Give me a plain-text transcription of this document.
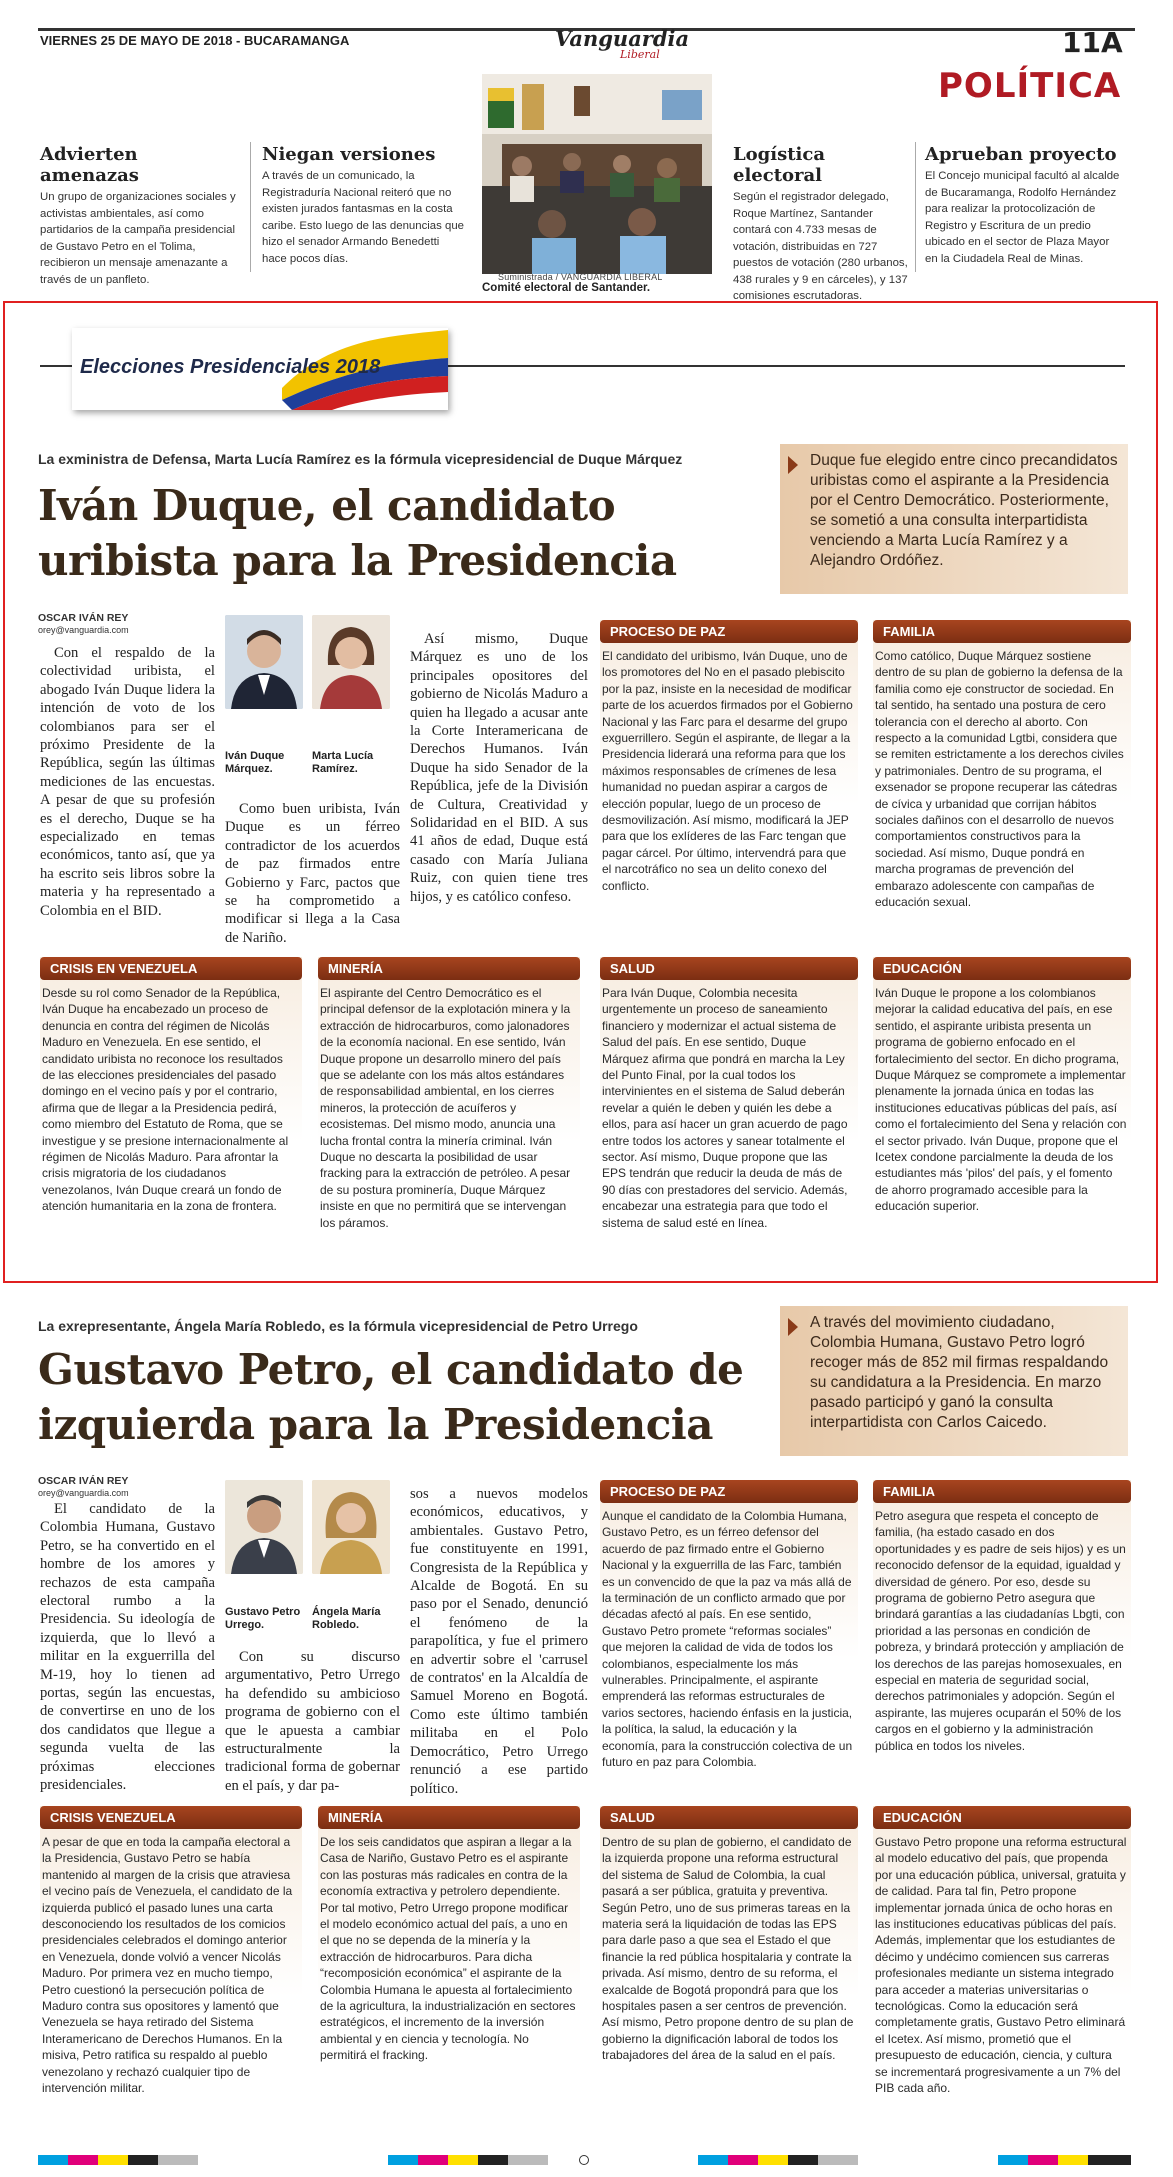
VIERNES 25 DE MAYO DE 2018 - BUCARAMANGA	Vanguardia
Liberal	11A
POLÍTICA
Advierten amenazas
Un grupo de organizaciones sociales y activistas ambientales, así como partidarios de la campaña presidencial de Gustavo Petro en el Tolima, recibieron un mensaje amenazante a través de un panfleto.
Niegan versiones
A través de un comunicado, la Registraduría Nacional reiteró que no existen jurados fantasmas en la costa caribe. Esto luego de las denuncias que hizo el senador Armando Benedetti hace pocos días.
Suministrada / VANGUARDIA LIBERAL
Comité electoral de Santander.
Logística electoral
Según el registrador delegado, Roque Martínez, Santander contará con 4.733 mesas de votación, distribuidas en 727 puestos de votación (280 urbanos, 438 rurales y 9 en cárceles), y 137 comisiones escrutadoras.
Aprueban proyecto
El Concejo municipal facultó al alcalde de Bucaramanga, Rodolfo Hernández para realizar la protocolización de Registro y Escritura de un predio ubicado en el sector de Plaza Mayor en la Ciudadela Real de Minas.
Elecciones Presidenciales 2018
La exministra de Defensa, Marta Lucía Ramírez es la fórmula vicepresidencial de Duque Márquez
Iván Duque, el candidato
uribista para la Presidencia
Duque fue elegido entre cinco precandidatos uribistas como el aspirante a la Presidencia por el Centro Democrático. Posteriormente, se sometió a una consulta interpartidista venciendo a Marta Lucía Ramírez y a Alejandro Ordóñez.
OSCAR IVÁN REY
orey@vanguardia.com
Con el respaldo de la colectividad uribista, el abogado Iván Duque lidera la intención de voto de los colombianos para ser el próximo Presidente de la República, según las últimas mediciones de las encuestas. A pesar de que su profesión es el derecho, Duque se ha especializado en temas económicos, tanto así, que ya ha escrito seis libros sobre la materia y ha representado a Colombia en el BID.
Iván Duque Márquez.
Marta Lucía Ramírez.
Como buen uribista, Iván Duque es un férreo contradictor de los acuerdos de paz firmados entre Gobierno y Farc, pactos que se ha comprometido a modificar si llega a la Casa de Nariño.
Así mismo, Duque Márquez es uno de los principales opositores del gobierno de Nicolás Maduro a quien ha llegado a acusar ante la Corte Interamericana de Derechos Humanos. Iván Duque ha sido Senador de la República, jefe de la División de Cultura, Creatividad y Solidaridad en el BID. A sus 41 años de edad, Duque está casado con María Juliana Ruiz, con quien tiene tres hijos, y es católico confeso.
PROCESO DE PAZ
El candidato del uribismo, Iván Duque, uno de los promotores del No en el pasado plebiscito por la paz, insiste en la necesidad de modificar parte de los acuerdos firmados por el Gobierno Nacional y las Farc para el desarme del grupo exguerrillero. Según el aspirante, de llegar a la Presidencia liderará una reforma para que los máximos responsables de crímenes de lesa humanidad no puedan aspirar a cargos de elección popular, luego de un proceso de desmovilización. Así mismo, modificará la JEP para que los exlíderes de las Farc tengan que pagar cárcel. Por último, intervendrá para que el narcotráfico no sea un delito conexo del conflicto.
FAMILIA
Como católico, Duque Márquez sostiene dentro de su plan de gobierno la defensa de la familia como eje constructor de sociedad. En tal sentido, ha sentado una postura de cero tolerancia con el derecho al aborto. Con respecto a la comunidad Lgtbi, considera que se remiten estrictamente a los derechos civiles y patrimoniales. Dentro de su programa, el exsenador se propone recuperar las cátedras de cívica y urbanidad que corrijan hábitos sociales dañinos con el desarrollo de nuevos comportamientos constructivos para la sociedad. Así mismo, Duque pondrá en marcha programas de prevención del embarazo adolescente con campañas de educación sexual.
CRISIS EN VENEZUELA
Desde su rol como Senador de la República, Iván Duque ha encabezado un proceso de denuncia en contra del régimen de Nicolás Maduro en Venezuela. En ese sentido, el candidato uribista no reconoce los resultados de las elecciones presidenciales del pasado domingo en el vecino país y por el contrario, afirma que de llegar a la Presidencia pedirá, como miembro del Estatuto de Roma, que se investigue y se presione internacionalmente al régimen de Nicolás Maduro. Para afrontar la crisis migratoria de los ciudadanos venezolanos, Iván Duque creará un fondo de atención humanitaria en la zona de frontera.
MINERÍA
El aspirante del Centro Democrático es el principal defensor de la explotación minera y la extracción de hidrocarburos, como jalonadores de la economía nacional. En ese sentido, Iván Duque propone un desarrollo minero del país que se adelante con los más altos estándares de responsabilidad ambiental, en los cierres mineros, la protección de acuíferos y ecosistemas. Del mismo modo, anuncia una lucha frontal contra la minería criminal. Iván Duque no descarta la posibilidad de usar fracking para la extracción de petróleo. A pesar de su postura prominería, Duque Márquez insiste en que no permitirá que se intervengan los páramos.
SALUD
Para Iván Duque, Colombia necesita urgentemente un proceso de saneamiento financiero y modernizar el actual sistema de Salud del país. En ese sentido, Duque Márquez afirma que pondrá en marcha la Ley del Punto Final, por la cual todos los intervinientes en el sistema de Salud deberán revelar a quién le deben y quién les debe a ellos, para así hacer un gran acuerdo de pago entre todos los actores y sanear totalmente el sector. Así mismo, Duque propone que las EPS tendrán que reducir la deuda de más de 90 días con prestadores del servicio. Además, encabezar una estrategia para que todo el sistema de salud esté en línea.
EDUCACIÓN
Iván Duque le propone a los colombianos mejorar la calidad educativa del país, en ese sentido, el aspirante uribista presenta un programa de gobierno enfocado en el fortalecimiento del sector. En dicho programa, Duque Márquez se compromete a implementar plenamente la jornada única en todas las instituciones educativas públicas del país, así como el fortalecimiento del Sena y relación con el sector privado. Iván Duque, propone que el Icetex condone parcialmente la deuda de los estudiantes más 'pilos' del país, y el fomento de ahorro programado accesible para la educación superior.
La exrepresentante, Ángela María Robledo, es la fórmula vicepresidencial de Petro Urrego
Gustavo Petro, el candidato de
izquierda para la Presidencia
A través del movimiento ciudadano, Colombia Humana, Gustavo Petro logró recoger más de 852 mil firmas respaldando su candidatura a la Presidencia. En marzo pasado participó y ganó la consulta interpartidista con Carlos Caicedo.
OSCAR IVÁN REY
orey@vanguardia.com
El candidato de la Colombia Humana, Gustavo Petro, se ha convertido en el hombre de los amores y rechazos de esta campaña electoral rumbo a la Presidencia. Su ideología de izquierda, que lo llevó a militar en la exguerrilla del M-19, hoy lo tienen ad portas, según las encuestas, de convertirse en uno de los dos candidatos que llegue a segunda vuelta de las próximas elecciones presidenciales.
Gustavo Petro Urrego.
Ángela María Robledo.
Con su discurso argumentativo, Petro Urrego ha defendido su ambicioso programa de gobierno con el que le apuesta a cambiar estructuralmente la tradicional forma de gobernar en el país, y dar pa-
sos a nuevos modelos económicos, educativos, y ambientales. Gustavo Petro, fue constituyente en 1991, Congresista de la República y Alcalde de Bogotá. En su paso por el Senado, denunció el fenómeno de la parapolítica, y fue el primero en advertir sobre el 'carrusel de contratos' en la Alcaldía de Samuel Moreno en Bogotá. Como este último también militaba en el Polo Democrático, Petro Urrego renunció a ese partido político.
PROCESO DE PAZ
Aunque el candidato de la Colombia Humana, Gustavo Petro, es un férreo defensor del acuerdo de paz firmado entre el Gobierno Nacional y la exguerrilla de las Farc, también es un convencido de que la paz va más allá de la terminación de un conflicto armado que por décadas afectó al país. En ese sentido, Gustavo Petro promete “reformas sociales” que mejoren la calidad de vida de todos los colombianos, especialmente los más vulnerables. Principalmente, el aspirante emprenderá las reformas estructurales de varios sectores, haciendo énfasis en la justicia, la política, la salud, la educación y la economía, para la construcción colectiva de un futuro en paz para Colombia.
FAMILIA
Petro asegura que respeta el concepto de familia, (ha estado casado en dos oportunidades y es padre de seis hijos) y es un reconocido defensor de la equidad, igualdad y diversidad de género. Por eso, desde su programa de gobierno Petro asegura que brindará garantías a las ciudadanías Lbgti, con prioridad a las personas en condición de pobreza, y brindará protección y ampliación de los derechos de las parejas homosexuales, en especial en materia de seguridad social, derechos patrimoniales y adopción. Según el aspirante, las mujeres ocuparán el 50% de los cargos en el gobierno y la administración pública en todos los niveles.
CRISIS VENEZUELA
A pesar de que en toda la campaña electoral a la Presidencia, Gustavo Petro se había mantenido al margen de la crisis que atraviesa el vecino país de Venezuela, el candidato de la izquierda publicó el pasado lunes una carta desconociendo los resultados de los comicios presidenciales celebrados el domingo anterior en Venezuela, donde volvió a vencer Nicolás Maduro. Por primera vez en mucho tiempo, Petro cuestionó la persecución política de Maduro contra sus opositores y lamentó que Venezuela se haya retirado del Sistema Interamericano de Derechos Humanos. En la misiva, Petro ratifica su respaldo al pueblo venezolano y rechazó cualquier tipo de intervención militar.
MINERÍA
De los seis candidatos que aspiran a llegar a la Casa de Nariño, Gustavo Petro es el aspirante con las posturas más radicales en contra de la economía extractiva y petrolero dependiente. Por tal motivo, Petro Urrego propone modificar el modelo económico actual del país, a uno en el que no se dependa de la minería y la extracción de hidrocarburos. Para dicha “recomposición económica” el aspirante de la Colombia Humana le apuesta al fortalecimiento de la agricultura, la industrialización en sectores estratégicos, el incremento de la inversión ambiental y en ciencia y tecnología. No permitirá el fracking.
SALUD
Dentro de su plan de gobierno, el candidato de la izquierda propone una reforma estructural del sistema de Salud de Colombia, la cual pasará a ser pública, gratuita y preventiva. Según Petro, uno de sus primeras tareas en la materia será la liquidación de todas las EPS para darle paso a que sea el Estado el que financie la red pública hospitalaria y contrate la privada. Así mismo, dentro de su reforma, el exalcalde de Bogotá propondrá para que los hospitales pasen a ser centros de prevención. Así mismo, Petro propone dentro de su plan de gobierno la dignificación laboral de todos los trabajadores del área de la salud en el país.
EDUCACIÓN
Gustavo Petro propone una reforma estructural al modelo educativo del país, que propenda por una educación pública, universal, gratuita y de calidad. Para tal fin, Petro propone implementar jornada única de ocho horas en las instituciones educativas públicas del país. Además, implementar que los estudiantes de décimo y undécimo comiencen sus carreras profesionales mediante un sistema integrado para acceder a materias universitarias o tecnológicas. Como la educación será completamente gratis, Gustavo Petro eliminará el Icetex. Así mismo, prometió que el presupuesto de educación, ciencia, y cultura se incrementará progresivamente a un 7% del PIB cada año.
